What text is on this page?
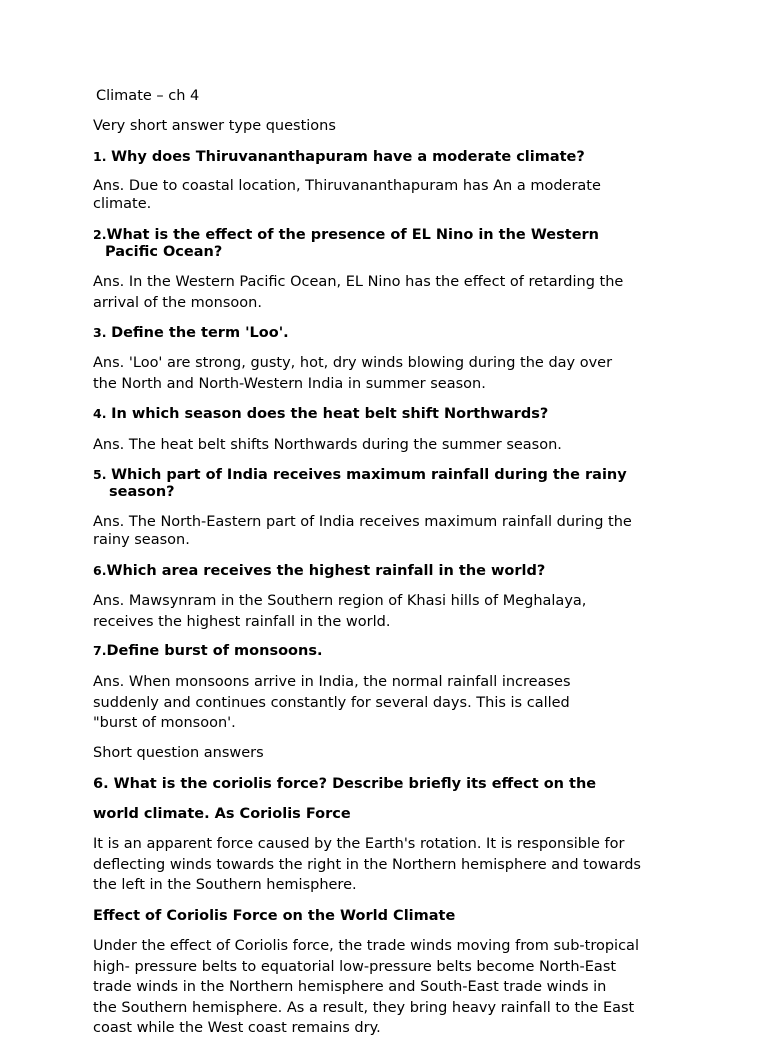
Climate – ch 4
Very short answer type questions
1. Why does Thiruvananthapuram have a moderate climate?
Ans. Due to coastal location, Thiruvananthapuram has An a moderate
climate.
2.What is the effect of the presence of EL Nino in the Western
Pacific Ocean?
Ans. In the Western Pacific Ocean, EL Nino has the effect of retarding the
arrival of the monsoon.
3. Define the term 'Loo'.
Ans. 'Loo' are strong, gusty, hot, dry winds blowing during the day over
the North and North-Western India in summer season.
4. In which season does the heat belt shift Northwards?
Ans. The heat belt shifts Northwards during the summer season.
5. Which part of India receives maximum rainfall during the rainy
season?
Ans. The North-Eastern part of India receives maximum rainfall during the
rainy season.
6.Which area receives the highest rainfall in the world?
Ans. Mawsynram in the Southern region of Khasi hills of Meghalaya,
receives the highest rainfall in the world.
7.Define burst of monsoons.
Ans. When monsoons arrive in India, the normal rainfall increases
suddenly and continues constantly for several days. This is called
"burst of monsoon'.
Short question answers
6. What is the coriolis force? Describe briefly its effect on the
world climate. As Coriolis Force
It is an apparent force caused by the Earth's rotation. It is responsible for
deflecting winds towards the right in the Northern hemisphere and towards
the left in the Southern hemisphere.
Effect of Coriolis Force on the World Climate
Under the effect of Coriolis force, the trade winds moving from sub-tropical
high- pressure belts to equatorial low-pressure belts become North-East
trade winds in the Northern hemisphere and South-East trade winds in
the Southern hemisphere. As a result, they bring heavy rainfall to the East
coast while the West coast remains dry.
